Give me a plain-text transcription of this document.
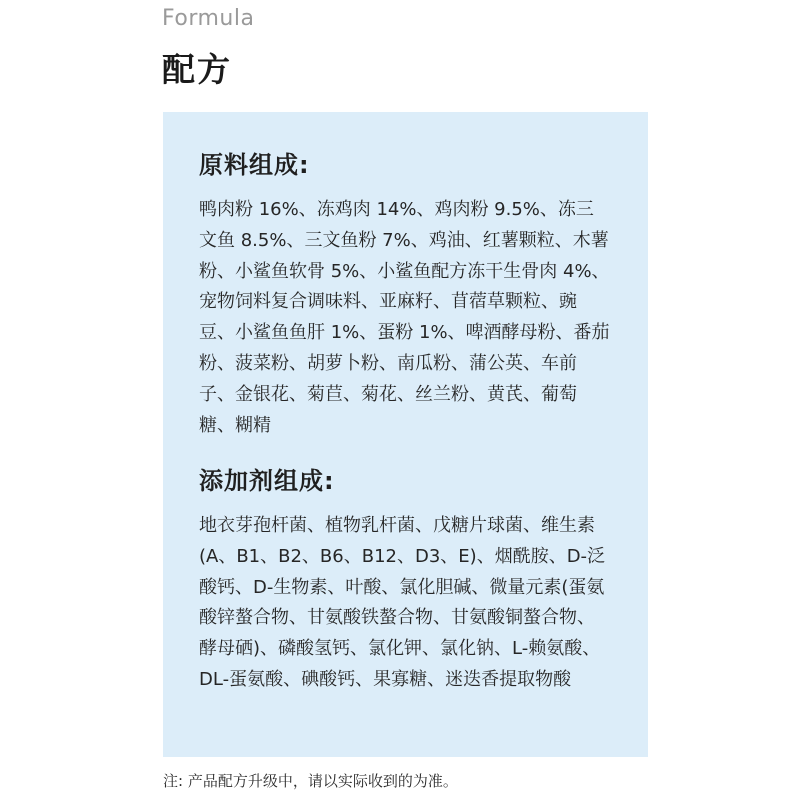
Formula
配方
原料组成:
鸭肉粉 16%、冻鸡肉 14%、鸡肉粉 9.5%、冻三文鱼 8.5%、三文鱼粉 7%、鸡油、红薯颗粒、木薯粉、小鲨鱼软骨 5%、小鲨鱼配方冻干生骨肉 4%、宠物饲料复合调味料、亚麻籽、苜蓿草颗粒、豌豆、小鲨鱼鱼肝 1%、蛋粉 1%、啤酒酵母粉、番茄粉、菠菜粉、胡萝卜粉、南瓜粉、蒲公英、车前子、金银花、菊苣、菊花、丝兰粉、黄芪、葡萄糖、糊精
添加剂组成:
地衣芽孢杆菌、植物乳杆菌、戊糖片球菌、维生素(A、B1、B2、B6、B12、D3、E)、烟酰胺、D-泛酸钙、D-生物素、叶酸、氯化胆碱、微量元素(蛋氨酸锌螯合物、甘氨酸铁螯合物、甘氨酸铜螯合物、酵母硒)、磷酸氢钙、氯化钾、氯化钠、L-赖氨酸、DL-蛋氨酸、碘酸钙、果寡糖、迷迭香提取物酸
注: 产品配方升级中，请以实际收到的为准。
